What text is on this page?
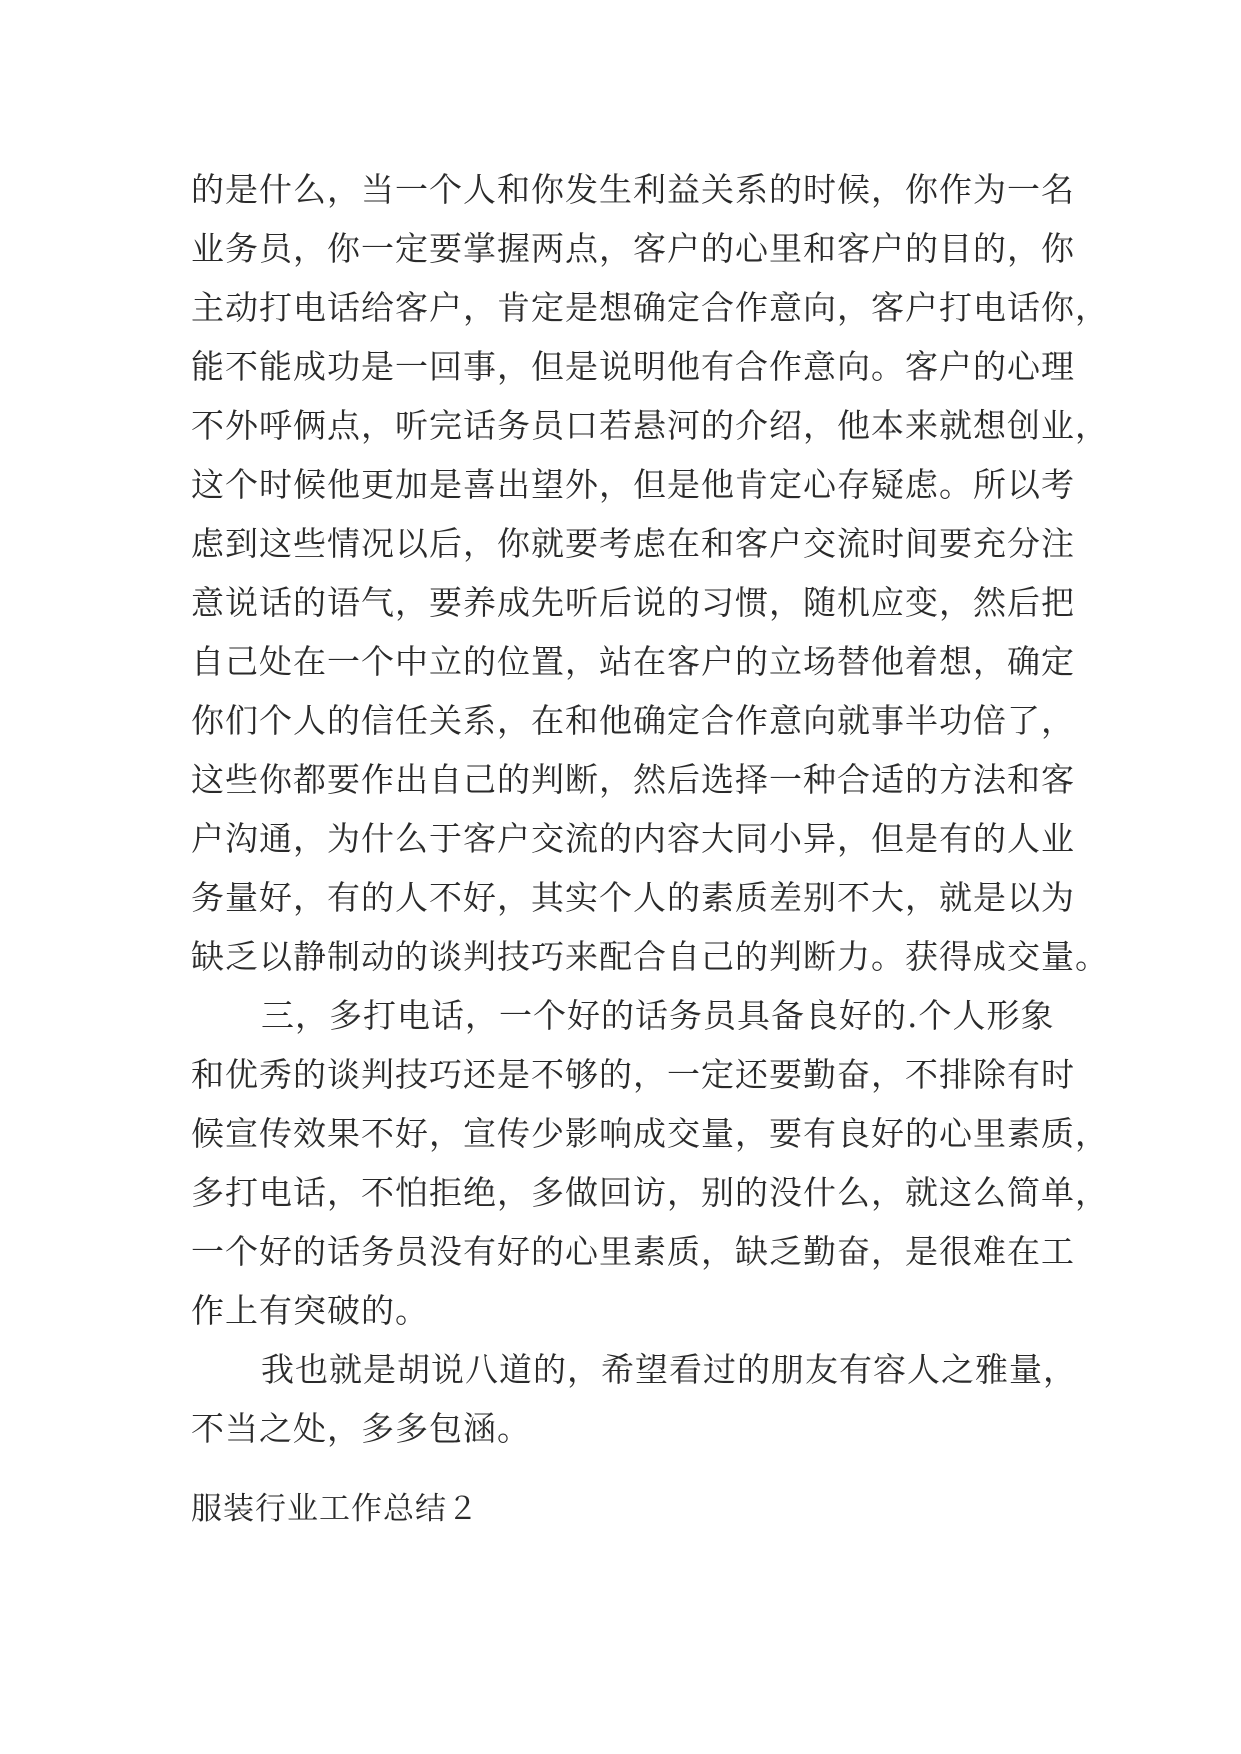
的是什么，当一个人和你发生利益关系的时候，你作为一名
业务员，你一定要掌握两点，客户的心里和客户的目的，你
主动打电话给客户，肯定是想确定合作意向，客户打电话你，
能不能成功是一回事，但是说明他有合作意向。客户的心理
不外呼俩点，听完话务员口若悬河的介绍，他本来就想创业，
这个时候他更加是喜出望外，但是他肯定心存疑虑。所以考
虑到这些情况以后，你就要考虑在和客户交流时间要充分注
意说话的语气，要养成先听后说的习惯，随机应变，然后把
自己处在一个中立的位置，站在客户的立场替他着想，确定
你们个人的信任关系，在和他确定合作意向就事半功倍了，
这些你都要作出自己的判断，然后选择一种合适的方法和客
户沟通，为什么于客户交流的内容大同小异，但是有的人业
务量好，有的人不好，其实个人的素质差别不大，就是以为
缺乏以静制动的谈判技巧来配合自己的判断力。获得成交量。
三，多打电话，一个好的话务员具备良好的.个人形象
和优秀的谈判技巧还是不够的，一定还要勤奋，不排除有时
候宣传效果不好，宣传少影响成交量，要有良好的心里素质，
多打电话，不怕拒绝，多做回访，别的没什么，就这么简单，
一个好的话务员没有好的心里素质，缺乏勤奋，是很难在工
作上有突破的。
我也就是胡说八道的，希望看过的朋友有容人之雅量，
不当之处，多多包涵。
服装行业工作总结２
